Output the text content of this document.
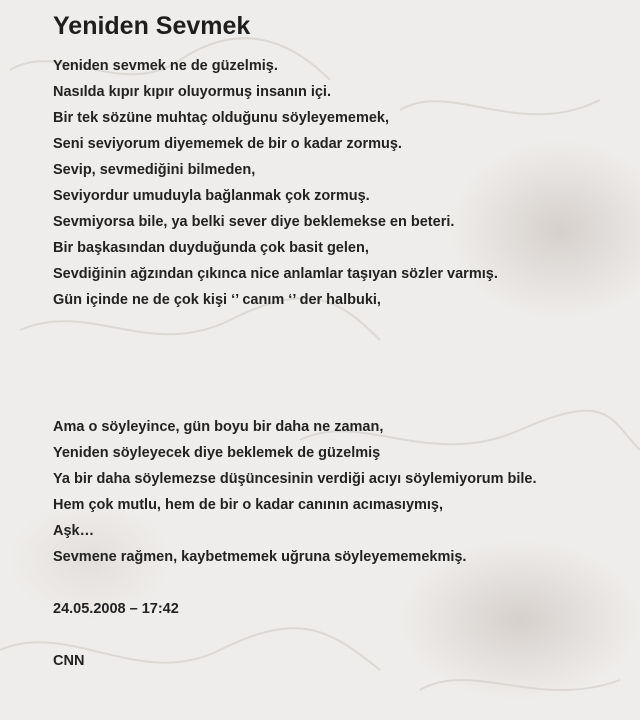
Yeniden Sevmek

Yeniden sevmek ne de güzelmiş.

Nasılda kıpır kıpır oluyormuş insanın içi.

Bir tek sözüne muhtaç olduğunu söyleyememek,

Seni seviyorum diyememek de bir o kadar zormuş.

Sevip, sevmediğini bilmeden,

Seviyordur umuduyla bağlanmak çok zormuş.

Sevmiyorsa bile, ya belki sever diye beklemekse en beteri.

Bir başkasından duyduğunda çok basit gelen,

Sevdiğinin ağzından çıkınca nice anlamlar taşıyan sözler varmış.

Gün içinde ne de çok kişi ‘’ canım ‘’ der halbuki,

Ama o söyleyince, gün boyu bir daha ne zaman,

Yeniden söyleyecek diye beklemek de güzelmiş

Ya bir daha söylemezse düşüncesinin verdiği acıyı söylemiyorum bile.

Hem çok mutlu, hem de bir o kadar canının acımasıymış,

Aşk…

Sevmene rağmen, kaybetmemek uğruna söyleyememekmiş.

24.05.2008 – 17:42

CNN
